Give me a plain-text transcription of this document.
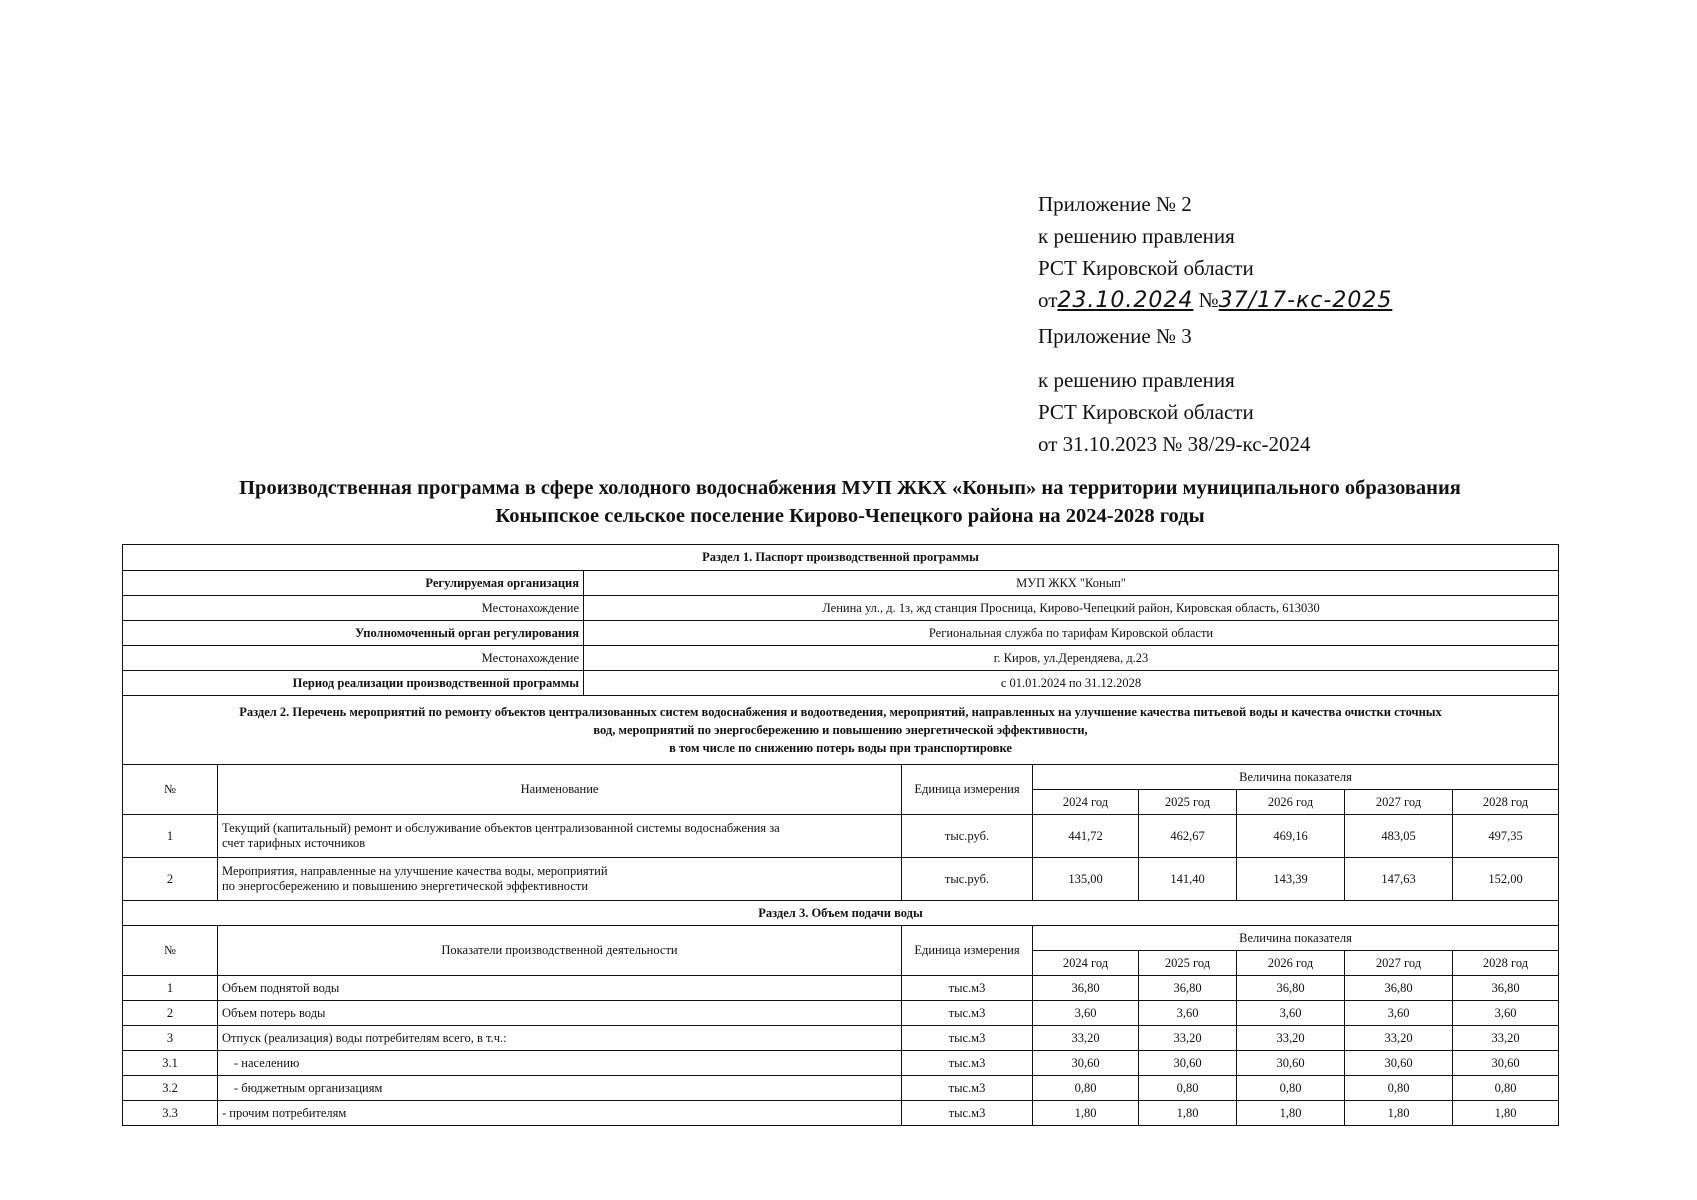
Приложение № 2
к решению правления
РСТ Кировской области
от23.10.2024 №37/17-кс-2025
Приложение № 3
к решению правления
РСТ Кировской области
от 31.10.2023 № 38/29-кс-2024
Производственная программа в сфере холодного водоснабжения МУП ЖКХ «Конып» на территории муниципального образования
Коныпское сельское поселение Кирово-Чепецкого района на 2024-2028 годы
Раздел 1. Паспорт производственной программы								
Регулируемая организация		МУП ЖКХ "Конып"						
Местонахождение		Ленина ул., д. 1з, жд станция Просница, Кирово-Чепецкий район, Кировская область, 613030						
Уполномоченный орган регулирования		Региональная служба по тарифам Кировской области						
Местонахождение		г. Киров, ул.Дерендяева, д.23						
Период реализации производственной программы		с 01.01.2024 по 31.12.2028						

Раздел 2. Перечень мероприятий по ремонту объектов централизованных систем водоснабжения и водоотведения, мероприятий, направленных на улучшение качества питьевой воды и качества очистки сточных
вод, мероприятий по энергосбережению и повышению энергетической эффективности,
в том числе по снижению потерь воды при транспортировке								

№	Наименование		Единица измерения	Величина показателя				
				2024 год	2025 год	2026 год	2027 год	2028 год
1	Текущий (капитальный) ремонт и обслуживание объектов централизованной системы водоснабжения за
счет тарифных источников		тыс.руб.	441,72	462,67	469,16	483,05	497,35
2	Мероприятия, направленные на улучшение качества воды, мероприятий
по энергосбережению и повышению энергетической эффективности		тыс.руб.	135,00	141,40	143,39	147,63	152,00
Раздел 3. Объем подачи воды								
№	Показатели производственной деятельности		Единица измерения	Величина показателя				
				2024 год	2025 год	2026 год	2027 год	2028 год
1	Объем поднятой воды		тыс.м3	36,80	36,80	36,80	36,80	36,80
2	Объем потерь воды		тыс.м3	3,60	3,60	3,60	3,60	3,60
3	Отпуск (реализация) воды потребителям всего, в т.ч.:		тыс.м3	33,20	33,20	33,20	33,20	33,20
3.1	- населению		тыс.м3	30,60	30,60	30,60	30,60	30,60
3.2	- бюджетным организациям		тыс.м3	0,80	0,80	0,80	0,80	0,80
3.3	- прочим потребителям		тыс.м3	1,80	1,80	1,80	1,80	1,80
